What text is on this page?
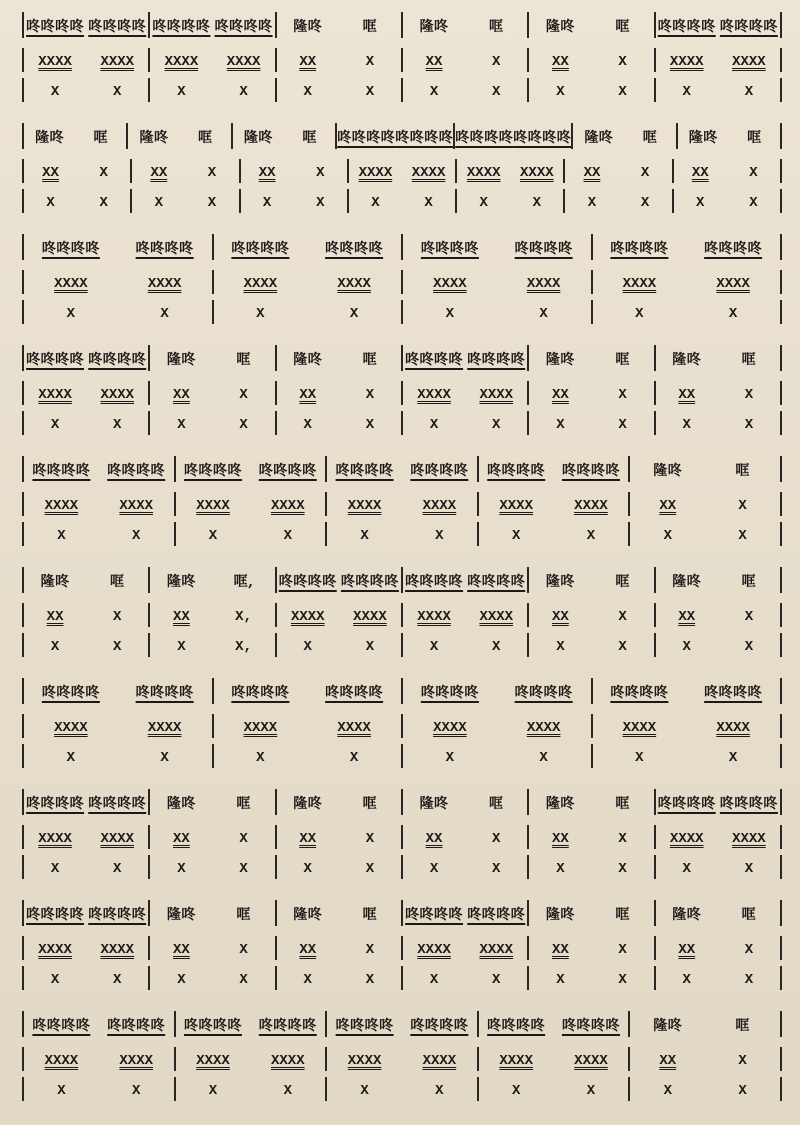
咚咚咚咚 咚咚咚咚 咚咚咚咚 咚咚咚咚	隆咚	哐	隆咚	哐	隆咚	哐	咚咚咚咚 咚咚咚咚
XXXX	XXXX	XXXX	XXXX	XX	X	XX	X	XX	X	XXXX	XXXX
X	X	X	X	X	X	X	X	X	X	X	X
隆咚	哐	隆咚	哐	隆咚	哐	咚咚咚咚 咚咚咚咚 咚咚咚咚 咚咚咚咚 隆咚	哐	隆咚	哐
XX	X	XX	X	XX	X	XXXX	XXXX	XXXX	XXXX	XX	X	XX	X
X	X	X	X	X	X	X	X	X	X	X	X	X	X
咚咚咚咚	咚咚咚咚	咚咚咚咚	咚咚咚咚	咚咚咚咚	咚咚咚咚	咚咚咚咚	咚咚咚咚
XXXX	XXXX	XXXX	XXXX	XXXX	XXXX	XXXX	XXXX
X	X	X	X	X	X	X	X
咚咚咚咚 咚咚咚咚	隆咚	哐	隆咚	哐	咚咚咚咚 咚咚咚咚	隆咚	哐	隆咚	哐
XXXX	XXXX	XX	X	XX	X	XXXX	XXXX	XX	X	XX	X
X	X	X	X	X	X	X	X	X	X	X	X
咚咚咚咚	咚咚咚咚	咚咚咚咚	咚咚咚咚	咚咚咚咚	咚咚咚咚	咚咚咚咚	咚咚咚咚	隆咚	哐
XXXX	XXXX	XXXX	XXXX	XXXX	XXXX	XXXX	XXXX	XX	X
X	X	X	X	X	X	X	X	X	X
隆咚	哐	隆咚	哐,	咚咚咚咚 咚咚咚咚 咚咚咚咚 咚咚咚咚	隆咚	哐	隆咚	哐
XX	X	XX	X,	XXXX	XXXX	XXXX	XXXX	XX	X	XX	X
X	X	X	X,	X	X	X	X	X	X	X	X
咚咚咚咚	咚咚咚咚	咚咚咚咚	咚咚咚咚	咚咚咚咚	咚咚咚咚	咚咚咚咚	咚咚咚咚
XXXX	XXXX	XXXX	XXXX	XXXX	XXXX	XXXX	XXXX
X	X	X	X	X	X	X	X
咚咚咚咚 咚咚咚咚	隆咚	哐	隆咚	哐	隆咚	哐	隆咚	哐	咚咚咚咚 咚咚咚咚
XXXX	XXXX	XX	X	XX	X	XX	X	XX	X	XXXX	XXXX
X	X	X	X	X	X	X	X	X	X	X	X
咚咚咚咚 咚咚咚咚	隆咚	哐	隆咚	哐	咚咚咚咚 咚咚咚咚	隆咚	哐	隆咚	哐
XXXX	XXXX	XX	X	XX	X	XXXX	XXXX	XX	X	XX	X
X	X	X	X	X	X	X	X	X	X	X	X
咚咚咚咚	咚咚咚咚	咚咚咚咚	咚咚咚咚	咚咚咚咚	咚咚咚咚	咚咚咚咚	咚咚咚咚	隆咚	哐
XXXX	XXXX	XXXX	XXXX	XXXX	XXXX	XXXX	XXXX	XX	X
X	X	X	X	X	X	X	X	X	X
